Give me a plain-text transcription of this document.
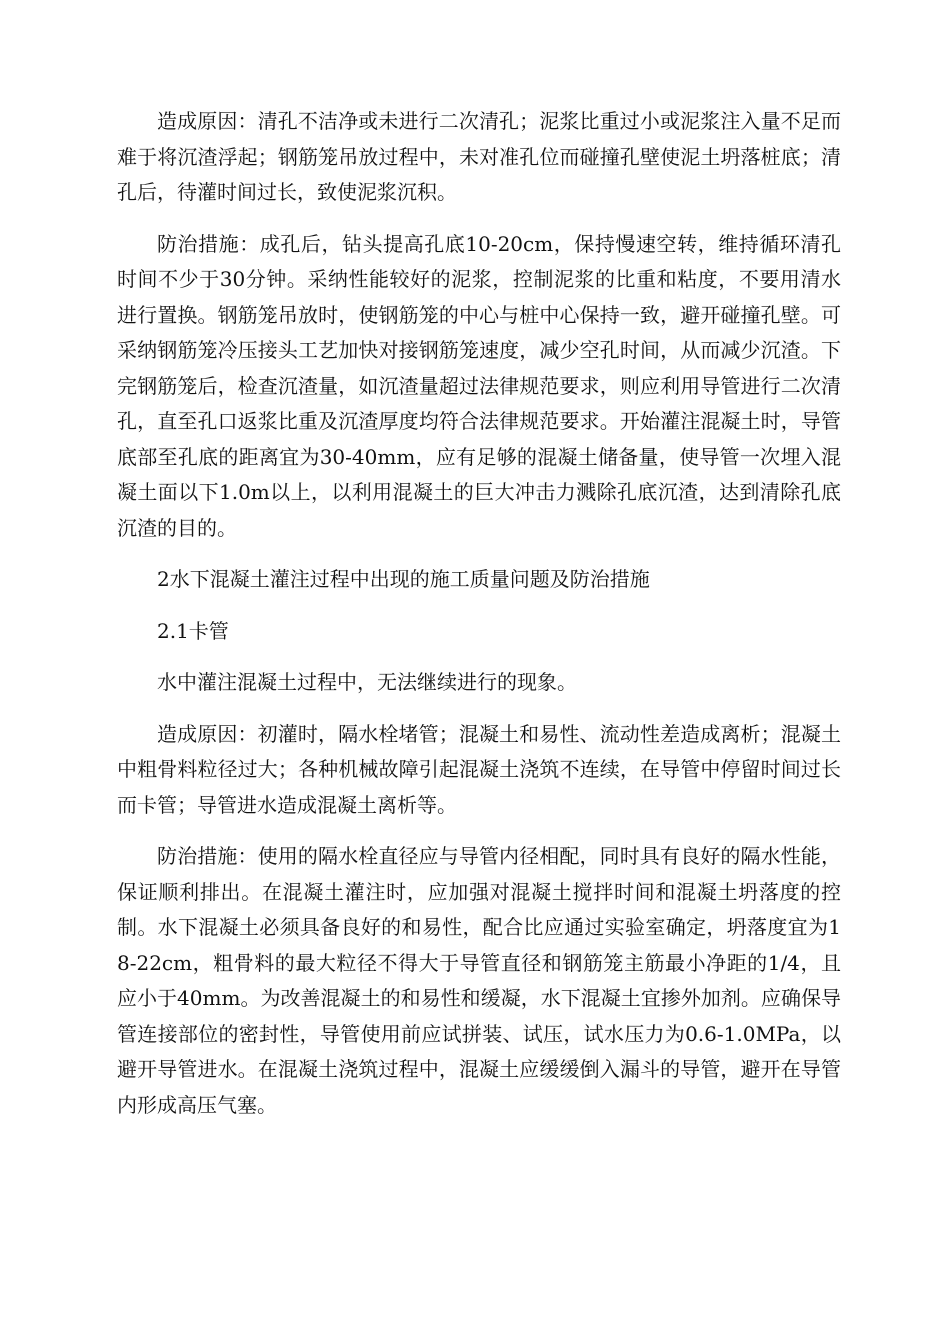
造成原因：清孔不洁净或未进行二次清孔；泥浆比重过小或泥浆注入量不足而难于将沉渣浮起；钢筋笼吊放过程中，未对准孔位而碰撞孔壁使泥土坍落桩底；清孔后，待灌时间过长，致使泥浆沉积。

防治措施：成孔后，钻头提高孔底10-20cm，保持慢速空转，维持循环清孔时间不少于30分钟。采纳性能较好的泥浆，控制泥浆的比重和粘度，不要用清水进行置换。钢筋笼吊放时，使钢筋笼的中心与桩中心保持一致，避开碰撞孔壁。可采纳钢筋笼冷压接头工艺加快对接钢筋笼速度，减少空孔时间，从而减少沉渣。下完钢筋笼后，检查沉渣量，如沉渣量超过法律规范要求，则应利用导管进行二次清孔，直至孔口返浆比重及沉渣厚度均符合法律规范要求。开始灌注混凝土时，导管底部至孔底的距离宜为30-40mm，应有足够的混凝土储备量，使导管一次埋入混凝土面以下1.0m以上，以利用混凝土的巨大冲击力溅除孔底沉渣，达到清除孔底沉渣的目的。

2水下混凝土灌注过程中出现的施工质量问题及防治措施

2.1卡管

水中灌注混凝土过程中，无法继续进行的现象。

造成原因：初灌时，隔水栓堵管；混凝土和易性、流动性差造成离析；混凝土中粗骨料粒径过大；各种机械故障引起混凝土浇筑不连续，在导管中停留时间过长而卡管；导管进水造成混凝土离析等。

防治措施：使用的隔水栓直径应与导管内径相配，同时具有良好的隔水性能，保证顺利排出。在混凝土灌注时，应加强对混凝土搅拌时间和混凝土坍落度的控制。水下混凝土必须具备良好的和易性，配合比应通过实验室确定，坍落度宜为18-22cm，粗骨料的最大粒径不得大于导管直径和钢筋笼主筋最小净距的1/4，且应小于40mm。为改善混凝土的和易性和缓凝，水下混凝土宜掺外加剂。应确保导管连接部位的密封性，导管使用前应试拼装、试压，试水压力为0.6-1.0MPa，以避开导管进水。在混凝土浇筑过程中，混凝土应缓缓倒入漏斗的导管，避开在导管内形成高压气塞。
